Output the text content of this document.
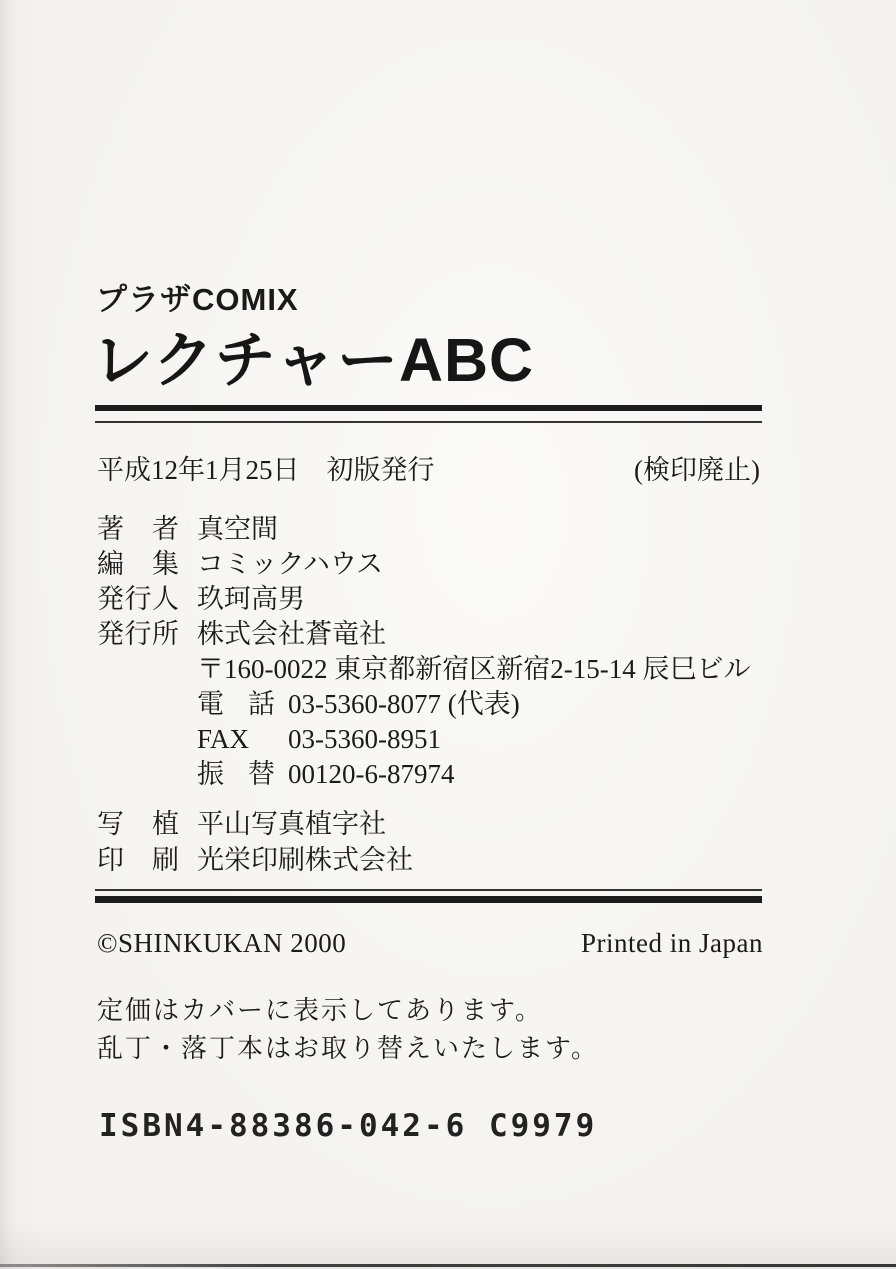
プラザCOMIX
レクチャーABC
平成12年1月25日　初版発行	(検印廃止)
著者 真空間
編集 コミックハウス
発行人 玖珂高男
発行所 株式会社蒼竜社
〒160-0022 東京都新宿区新宿2-15-14 辰巳ビル
電話 03-5360-8077 (代表)
FAX	03-5360-8951
振替 00120-6-87974
写植 平山写真植字社
印刷 光栄印刷株式会社
©SHINKUKAN 2000	Printed in Japan
定価はカバーに表示してあります。
乱丁・落丁本はお取り替えいたします。
ISBN4-88386-042-6 C9979
